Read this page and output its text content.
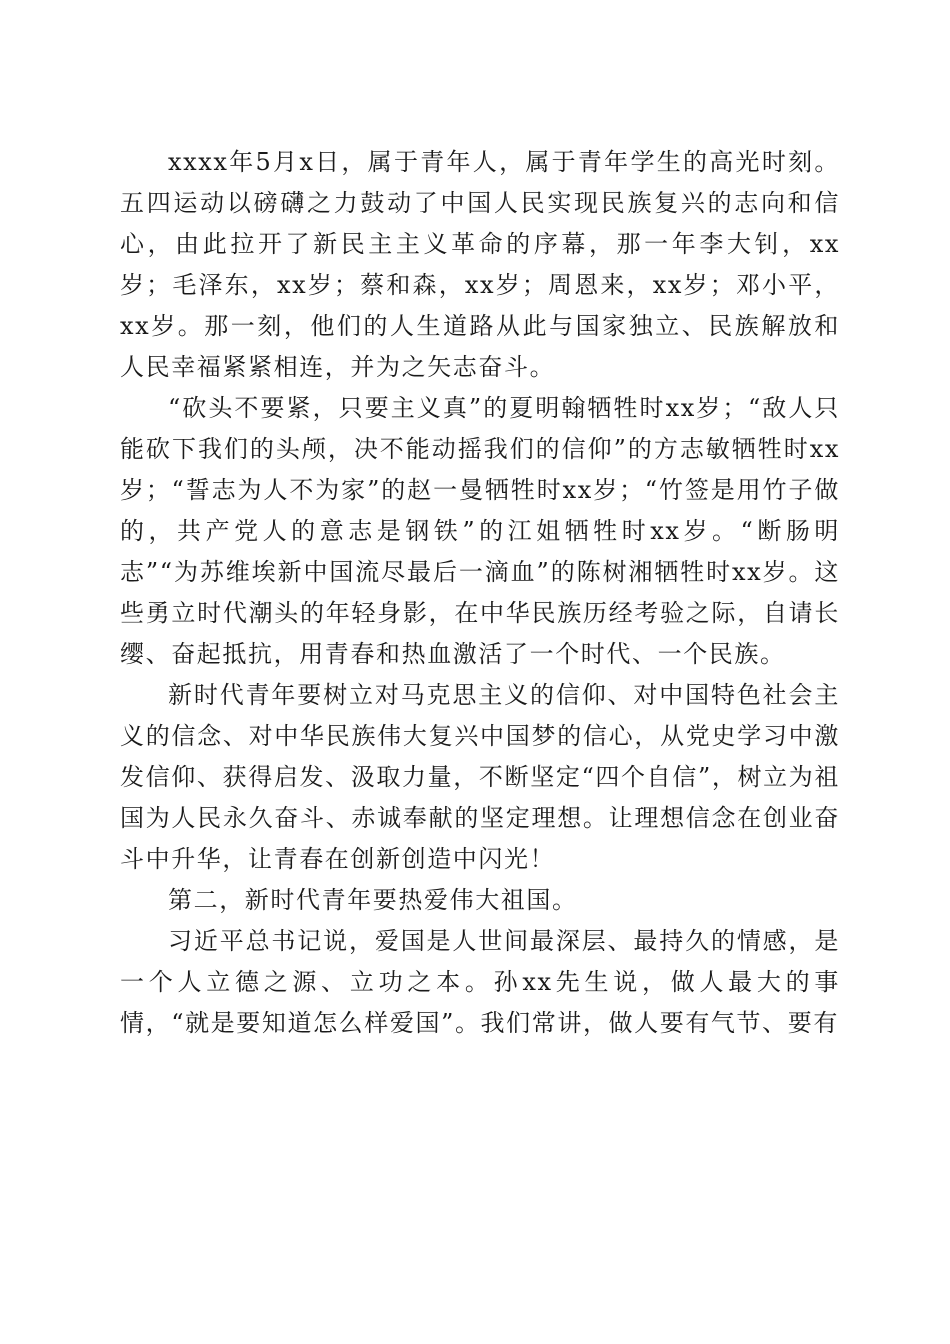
xxxx年5月x日，属于青年人，属于青年学生的高光时刻。五四运动以磅礴之力鼓动了中国人民实现民族复兴的志向和信心，由此拉开了新民主主义革命的序幕，那一年李大钊，xx岁；毛泽东，xx岁；蔡和森，xx岁；周恩来，xx岁；邓小平，xx岁。那一刻，他们的人生道路从此与国家独立、民族解放和人民幸福紧紧相连，并为之矢志奋斗。

“砍头不要紧，只要主义真”的夏明翰牺牲时xx岁；“敌人只能砍下我们的头颅，决不能动摇我们的信仰”的方志敏牺牲时xx岁；“誓志为人不为家”的赵一曼牺牲时xx岁；“竹签是用竹子做的，共产党人的意志是钢铁”的江姐牺牲时xx岁。“断肠明志”“为苏维埃新中国流尽最后一滴血”的陈树湘牺牲时xx岁。这些勇立时代潮头的年轻身影，在中华民族历经考验之际，自请长缨、奋起抵抗，用青春和热血激活了一个时代、一个民族。

新时代青年要树立对马克思主义的信仰、对中国特色社会主义的信念、对中华民族伟大复兴中国梦的信心，从党史学习中激发信仰、获得启发、汲取力量，不断坚定“四个自信”，树立为祖国为人民永久奋斗、赤诚奉献的坚定理想。让理想信念在创业奋斗中升华，让青春在创新创造中闪光！

第二，新时代青年要热爱伟大祖国。

习近平总书记说，爱国是人世间最深层、最持久的情感，是一个人立德之源、立功之本。孙xx先生说，做人最大的事情，“就是要知道怎么样爱国”。我们常讲，做人要有气节、要有
